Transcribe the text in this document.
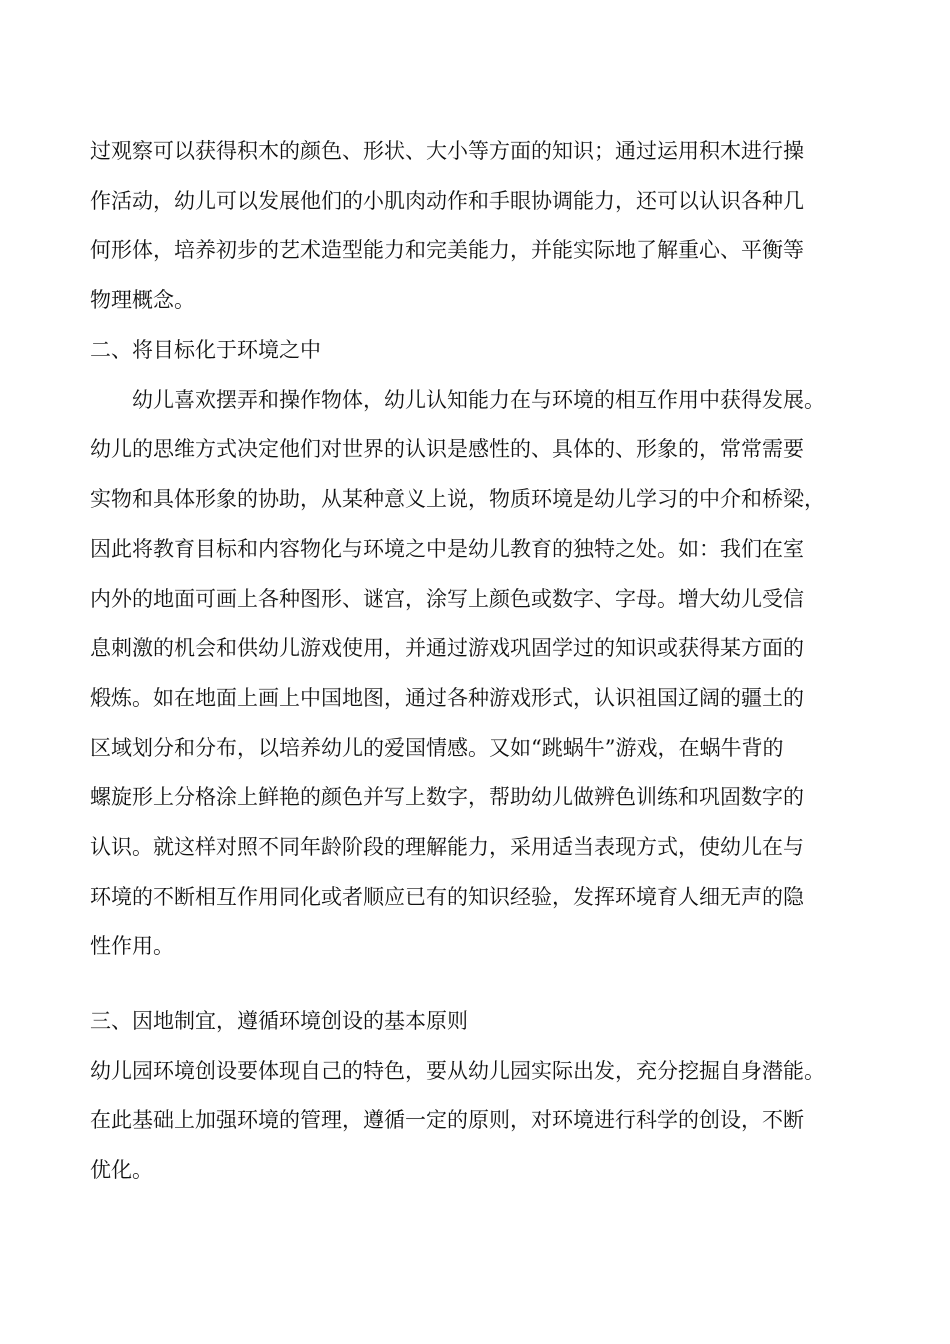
过观察可以获得积木的颜色、形状、大小等方面的知识；通过运用积木进行操
作活动，幼儿可以发展他们的小肌肉动作和手眼协调能力，还可以认识各种几
何形体，培养初步的艺术造型能力和完美能力，并能实际地了解重心、平衡等
物理概念。
二、将目标化于环境之中
幼儿喜欢摆弄和操作物体，幼儿认知能力在与环境的相互作用中获得发展。
幼儿的思维方式决定他们对世界的认识是感性的、具体的、形象的，常常需要
实物和具体形象的协助，从某种意义上说，物质环境是幼儿学习的中介和桥梁，
因此将教育目标和内容物化与环境之中是幼儿教育的独特之处。如：我们在室
内外的地面可画上各种图形、谜宫，涂写上颜色或数字、字母。增大幼儿受信
息刺激的机会和供幼儿游戏使用，并通过游戏巩固学过的知识或获得某方面的
煅炼。如在地面上画上中国地图，通过各种游戏形式，认识祖国辽阔的疆土的
区域划分和分布，以培养幼儿的爱国情感。又如“跳蜗牛”游戏，在蜗牛背的
螺旋形上分格涂上鲜艳的颜色并写上数字，帮助幼儿做辨色训练和巩固数字的
认识。就这样对照不同年龄阶段的理解能力，采用适当表现方式，使幼儿在与
环境的不断相互作用同化或者顺应已有的知识经验，发挥环境育人细无声的隐
性作用。
三、因地制宜，遵循环境创设的基本原则
幼儿园环境创设要体现自己的特色，要从幼儿园实际出发，充分挖掘自身潜能。
在此基础上加强环境的管理，遵循一定的原则，对环境进行科学的创设，不断
优化。
